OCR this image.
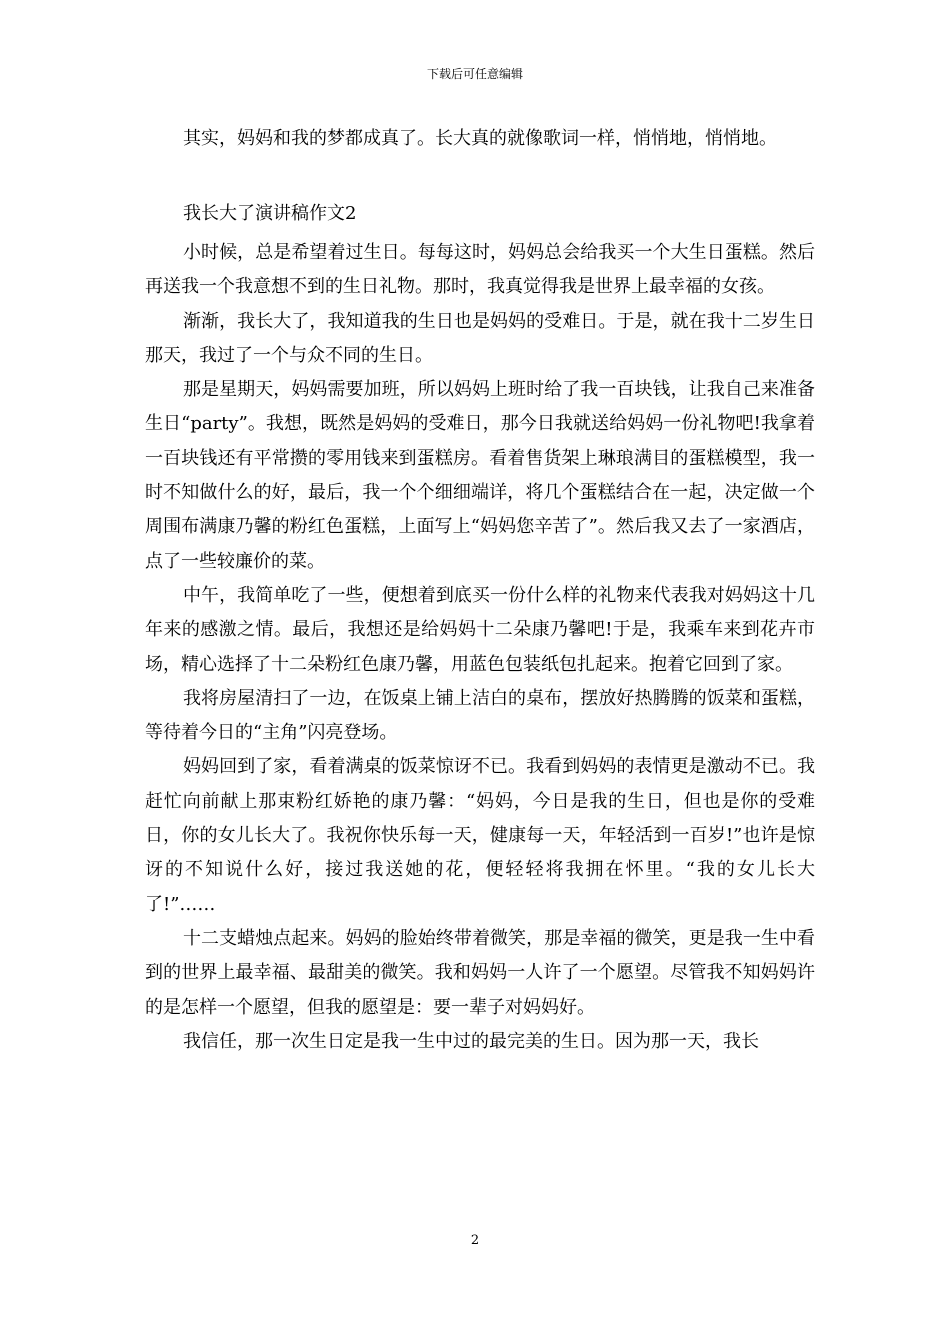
下载后可任意编辑
其实，妈妈和我的梦都成真了。长大真的就像歌词一样，悄悄地，悄悄地。
我长大了演讲稿作文2

小时候，总是希望着过生日。每每这时，妈妈总会给我买一个大生日蛋糕。然后再送我一个我意想不到的生日礼物。那时，我真觉得我是世界上最幸福的女孩。

渐渐，我长大了，我知道我的生日也是妈妈的受难日。于是，就在我十二岁生日那天，我过了一个与众不同的生日。

那是星期天，妈妈需要加班，所以妈妈上班时给了我一百块钱，让我自己来准备生日“party”。我想，既然是妈妈的受难日，那今日我就送给妈妈一份礼物吧!我拿着一百块钱还有平常攒的零用钱来到蛋糕房。看着售货架上琳琅满目的蛋糕模型，我一时不知做什么的好，最后，我一个个细细端详，将几个蛋糕结合在一起，决定做一个周围布满康乃馨的粉红色蛋糕，上面写上“妈妈您辛苦了”。然后我又去了一家酒店，点了一些较廉价的菜。

中午，我简单吃了一些，便想着到底买一份什么样的礼物来代表我对妈妈这十几年来的感激之情。最后，我想还是给妈妈十二朵康乃馨吧!于是，我乘车来到花卉市场，精心选择了十二朵粉红色康乃馨，用蓝色包装纸包扎起来。抱着它回到了家。

我将房屋清扫了一边，在饭桌上铺上洁白的桌布，摆放好热腾腾的饭菜和蛋糕，等待着今日的“主角”闪亮登场。

妈妈回到了家，看着满桌的饭菜惊讶不已。我看到妈妈的表情更是激动不已。我赶忙向前献上那束粉红娇艳的康乃馨：“妈妈，今日是我的生日，但也是你的受难日，你的女儿长大了。我祝你快乐每一天，健康每一天，年轻活到一百岁!”也许是惊讶的不知说什么好，接过我送她的花，便轻轻将我拥在怀里。“我的女儿长大了!”……

十二支蜡烛点起来。妈妈的脸始终带着微笑，那是幸福的微笑，更是我一生中看到的世界上最幸福、最甜美的微笑。我和妈妈一人许了一个愿望。尽管我不知妈妈许的是怎样一个愿望，但我的愿望是：要一辈子对妈妈好。

我信任，那一次生日定是我一生中过的最完美的生日。因为那一天，我长

2
